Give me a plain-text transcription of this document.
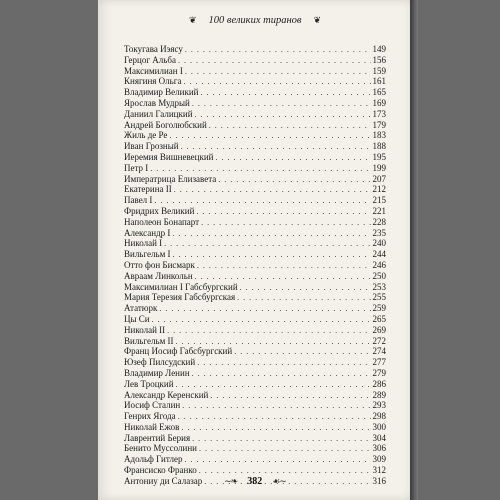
❦ 100 великих тиранов ❦
Токугава Иэясу . . .	149
Герцог Альба . . .	156
Максимилиан I . . .	159
Княгиня Ольга . . .	161
Владимир Великий . . .	165
Ярослав Мудрый . . .	169
Даниил Галицкий . . .	173
Андрей Боголюбский . . .	179
Жиль де Ре . . .	183
Иван Грозный . . .	188
Иеремия Вишневецкий . . .	195
Петр I . . .	199
Императрица Елизавета . . .	207
Екатерина II . . .	212
Павел I . . .	215
Фридрих Великий . . .	221
Наполеон Бонапарт . . .	228
Александр I . . .	235
Николай I . . .	240
Вильгельм I . . .	244
Отто фон Бисмарк . . .	246
Авраам Линкольн . . .	250
Максимилиан I Габсбургский . . .	253
Мария Терезия Габсбургская . . .	255
Ататюрк . . .	259
Цы Си . . .	265
Николай II . . .	269
Вильгельм II . . .	272
Франц Иосиф Габсбургский . . .	274
Юзеф Пилсудский . . .	277
Владимир Ленин . . .	279
Лев Троцкий . . .	286
Александр Керенский . . .	289
Иосиф Сталин . . .	293
Генрих Ягода . . .	298
Николай Ежов . . .	300
Лаврентий Берия . . .	304
Бенито Муссолини . . .	306
Адольф Гитлер . . .	309
Франсиско Франко . . .	312
Антониу ди Салазар . . .	316
∼❧ 382 ☙∼
